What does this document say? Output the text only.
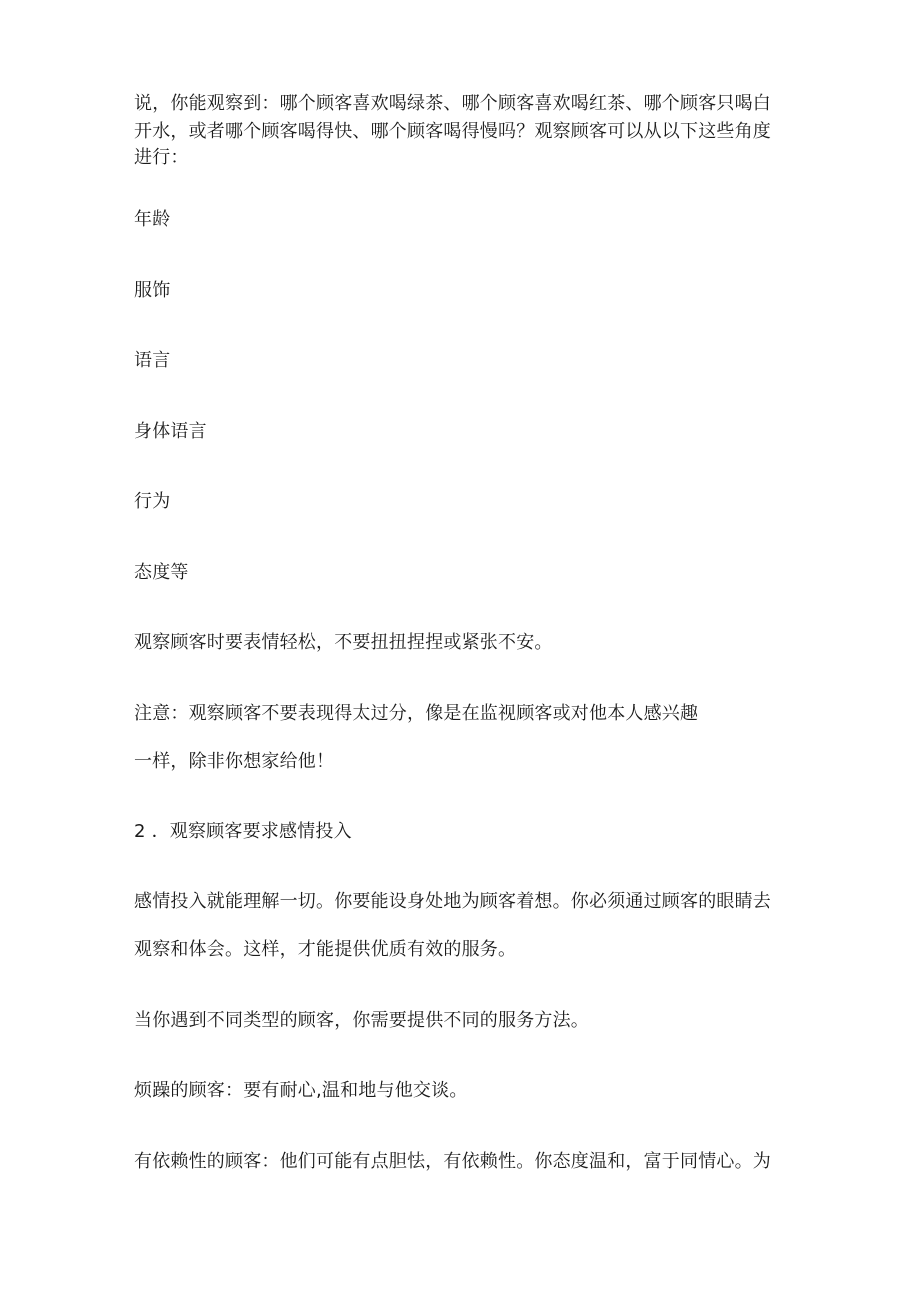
说，你能观察到：哪个顾客喜欢喝绿茶、哪个顾客喜欢喝红茶、哪个顾客只喝白
开水，或者哪个顾客喝得快、哪个顾客喝得慢吗？观察顾客可以从以下这些角度
进行：
年龄
服饰
语言
身体语言
行为
态度等
观察顾客时要表情轻松，不要扭扭捏捏或紧张不安。
注意：观察顾客不要表现得太过分，像是在监视顾客或对他本人感兴趣
一样，除非你想家给他！
2 ．观察顾客要求感情投入
感情投入就能理解一切。你要能设身处地为顾客着想。你必须通过顾客的眼睛去
观察和体会。这样，才能提供优质有效的服务。
当你遇到不同类型的顾客，你需要提供不同的服务方法。
烦躁的顾客：要有耐心,温和地与他交谈。
有依赖性的顾客：他们可能有点胆怯，有依赖性。你态度温和，富于同情心。为
